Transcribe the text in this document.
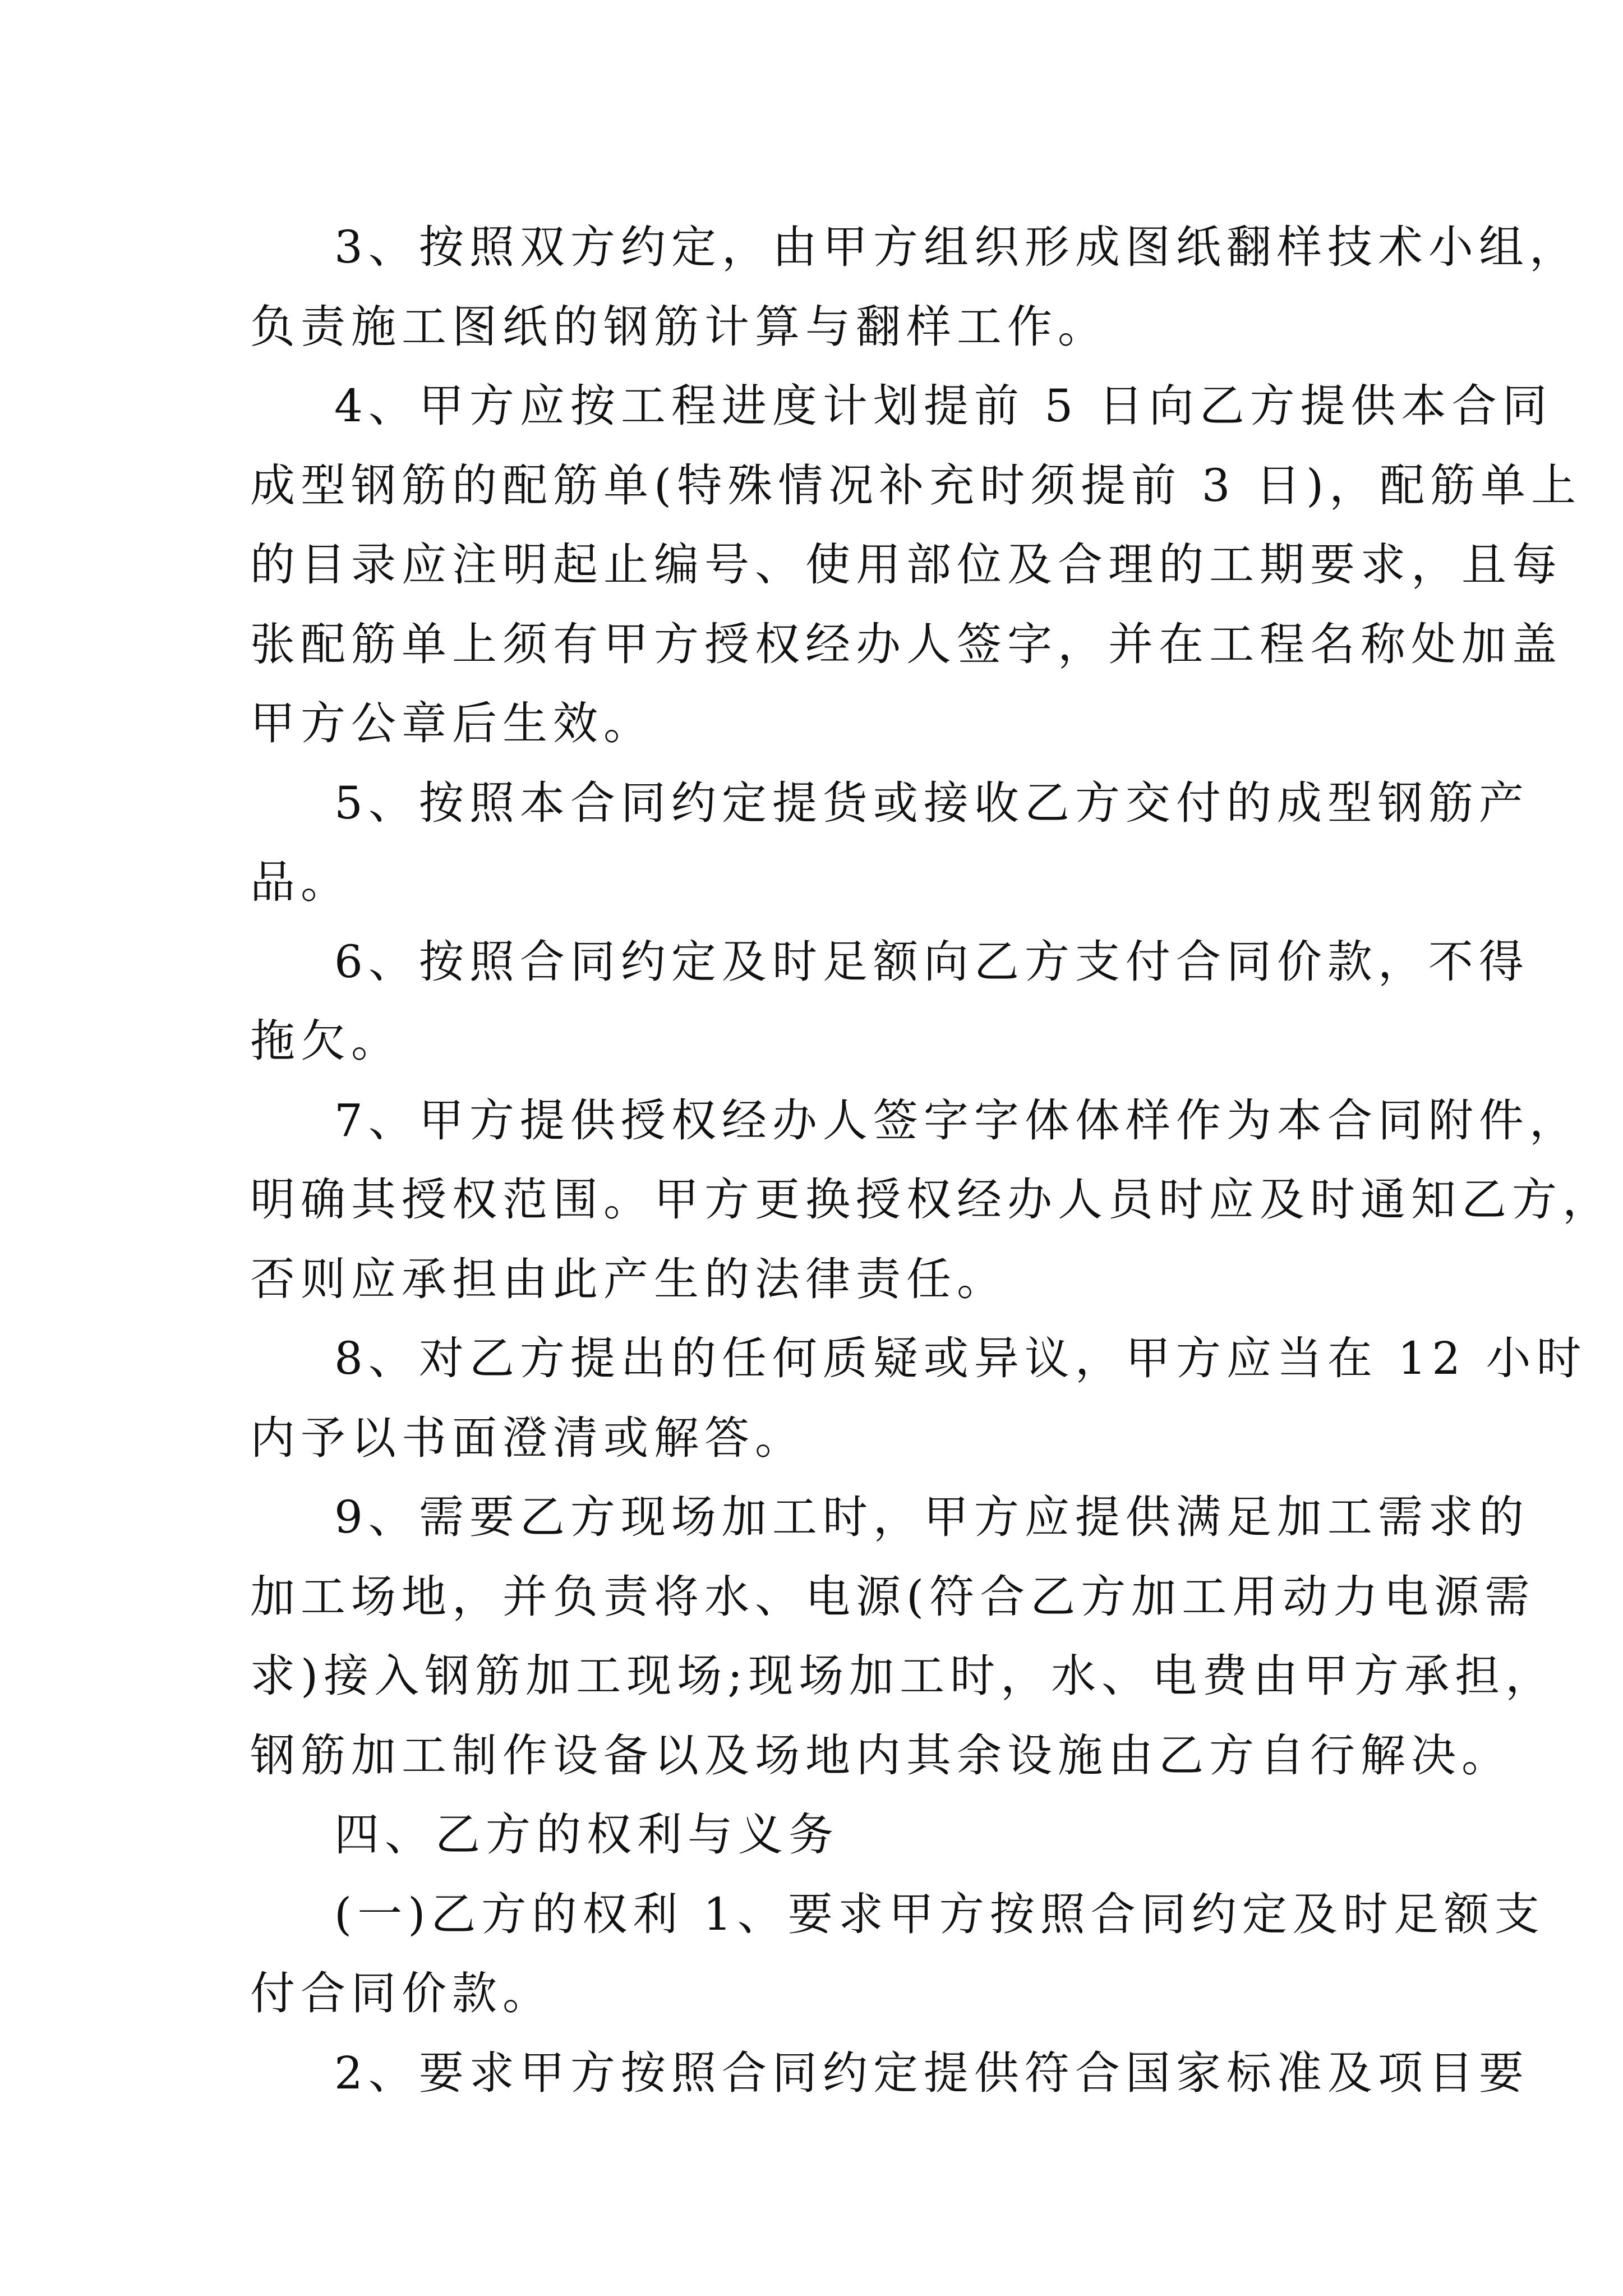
3、按照双方约定，由甲方组织形成图纸翻样技术小组，
负责施工图纸的钢筋计算与翻样工作。
4、甲方应按工程进度计划提前 5 日向乙方提供本合同
成型钢筋的配筋单(特殊情况补充时须提前 3 日)，配筋单上
的目录应注明起止编号、使用部位及合理的工期要求，且每
张配筋单上须有甲方授权经办人签字，并在工程名称处加盖
甲方公章后生效。
5、按照本合同约定提货或接收乙方交付的成型钢筋产
品。
6、按照合同约定及时足额向乙方支付合同价款，不得
拖欠。
7、甲方提供授权经办人签字字体体样作为本合同附件，
明确其授权范围。甲方更换授权经办人员时应及时通知乙方，
否则应承担由此产生的法律责任。
8、对乙方提出的任何质疑或异议，甲方应当在 12 小时
内予以书面澄清或解答。
9、需要乙方现场加工时，甲方应提供满足加工需求的
加工场地，并负责将水、电源(符合乙方加工用动力电源需
求)接入钢筋加工现场;现场加工时，水、电费由甲方承担，
钢筋加工制作设备以及场地内其余设施由乙方自行解决。
四、乙方的权利与义务
(一)乙方的权利 1、要求甲方按照合同约定及时足额支
付合同价款。
2、要求甲方按照合同约定提供符合国家标准及项目要
